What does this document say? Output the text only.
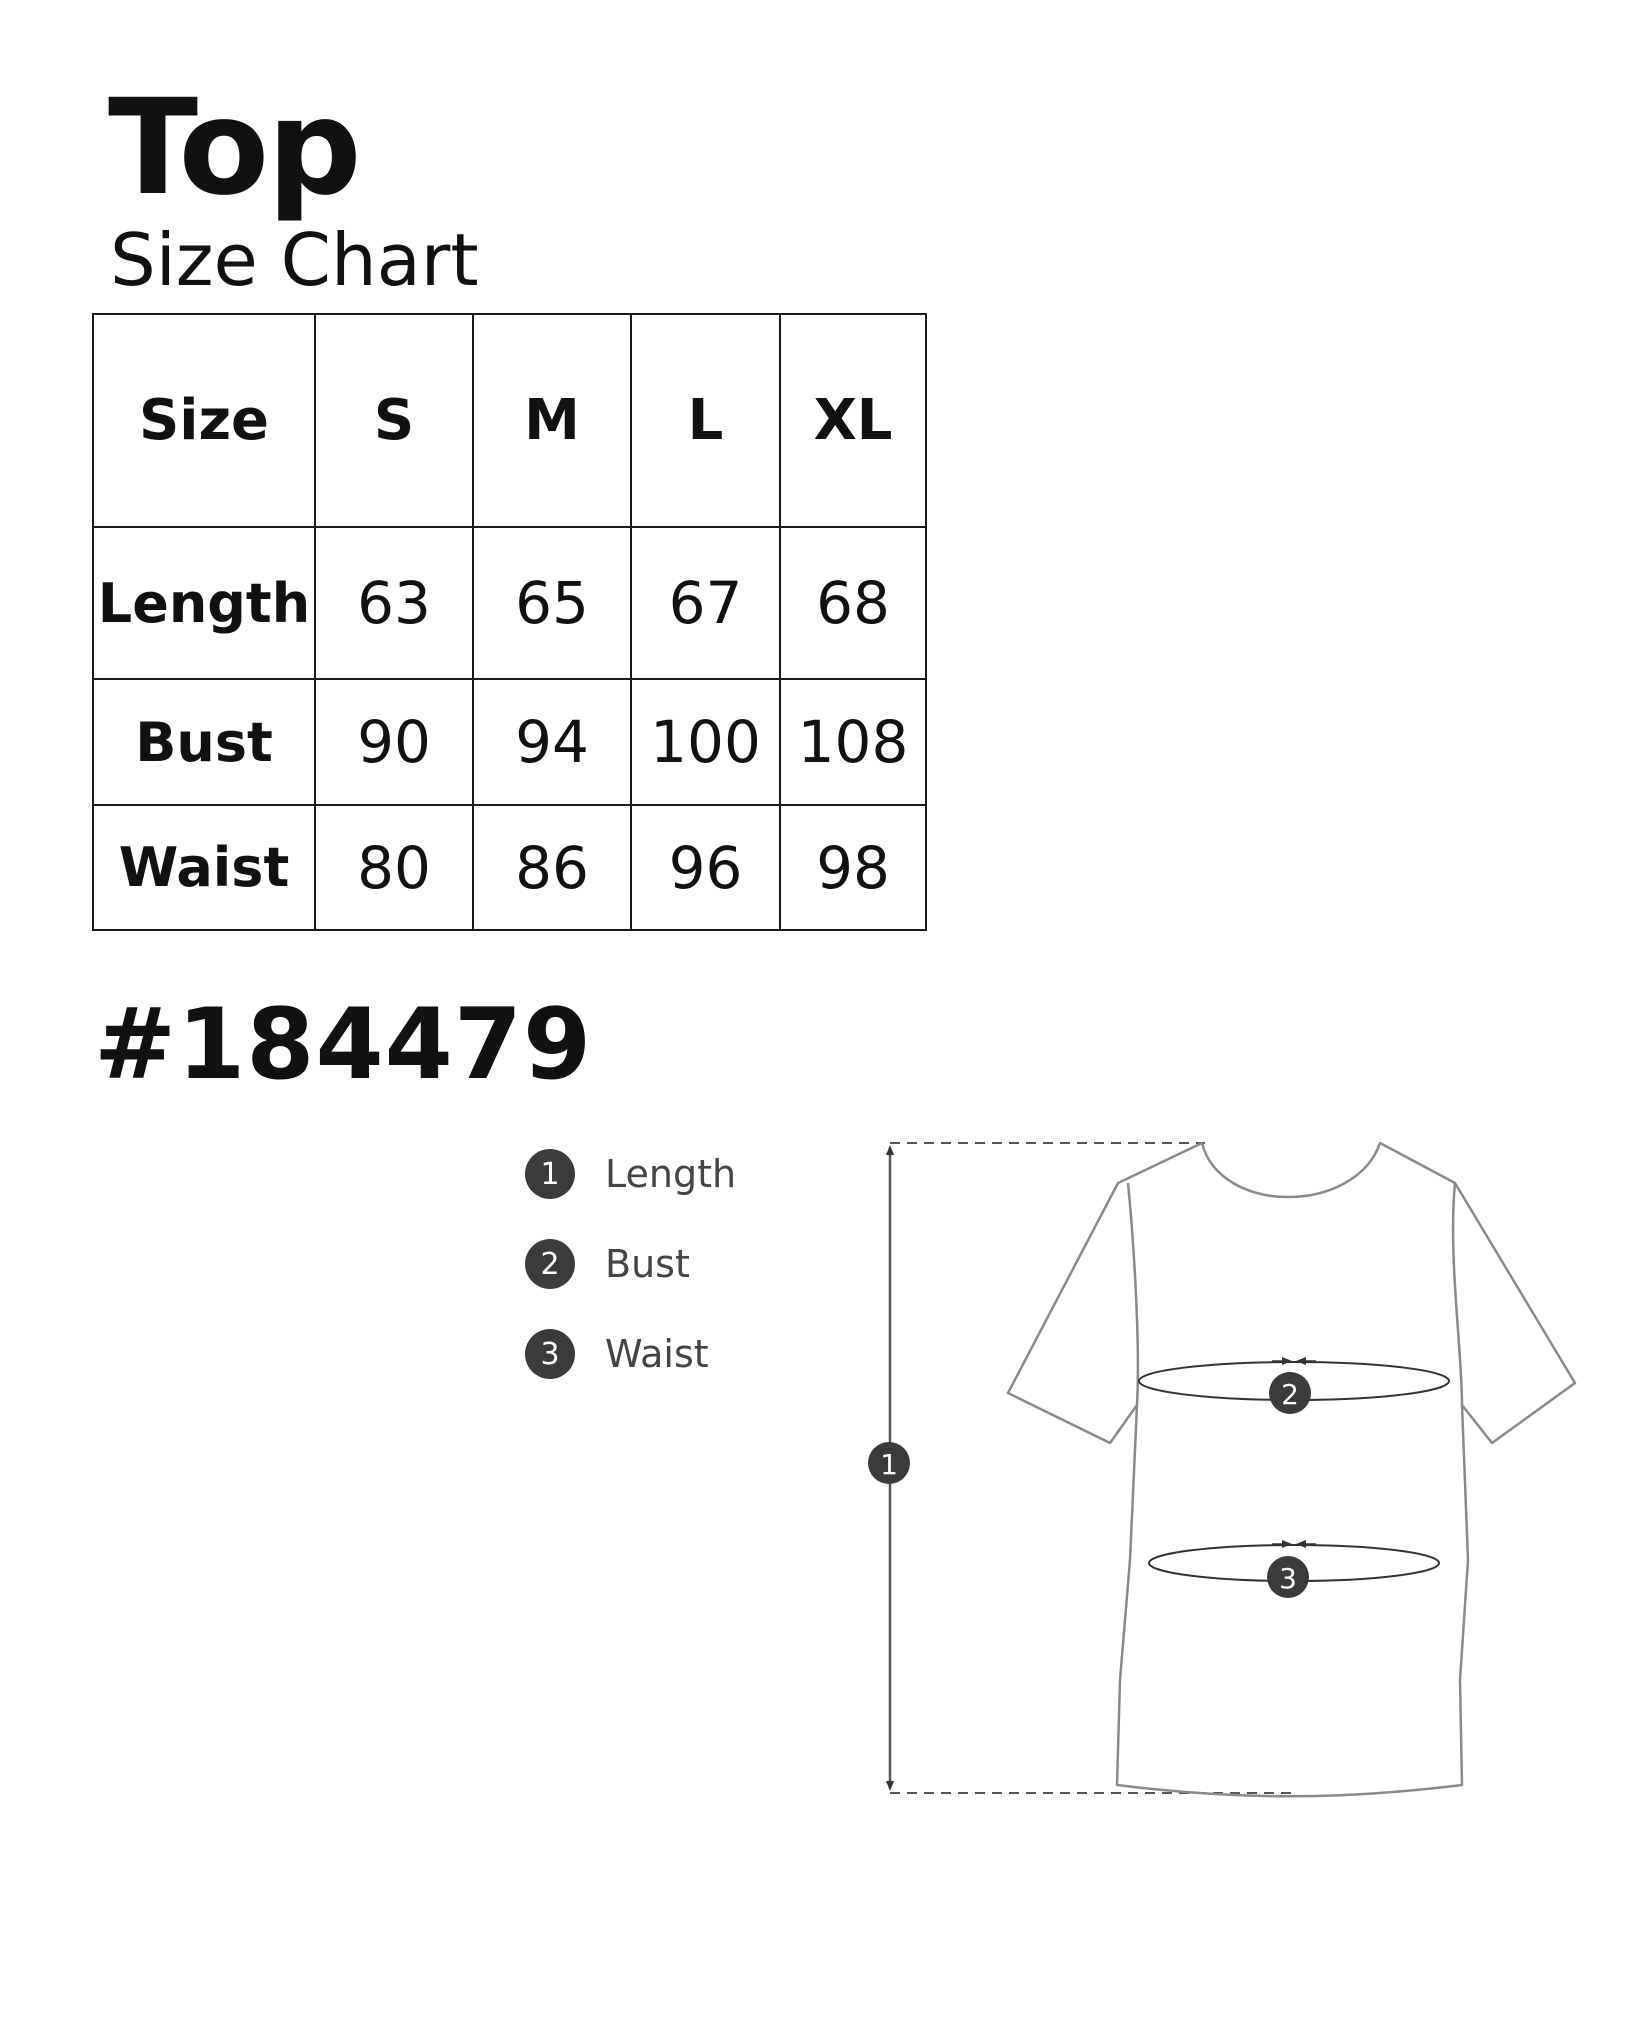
Top
Size Chart
Size	S	M	L	XL
Length	63	65	67	68
Bust	90	94	100	108
Waist	80	86	96	98
#184479
1	Length
2	Bust
3	Waist
1
2
3
